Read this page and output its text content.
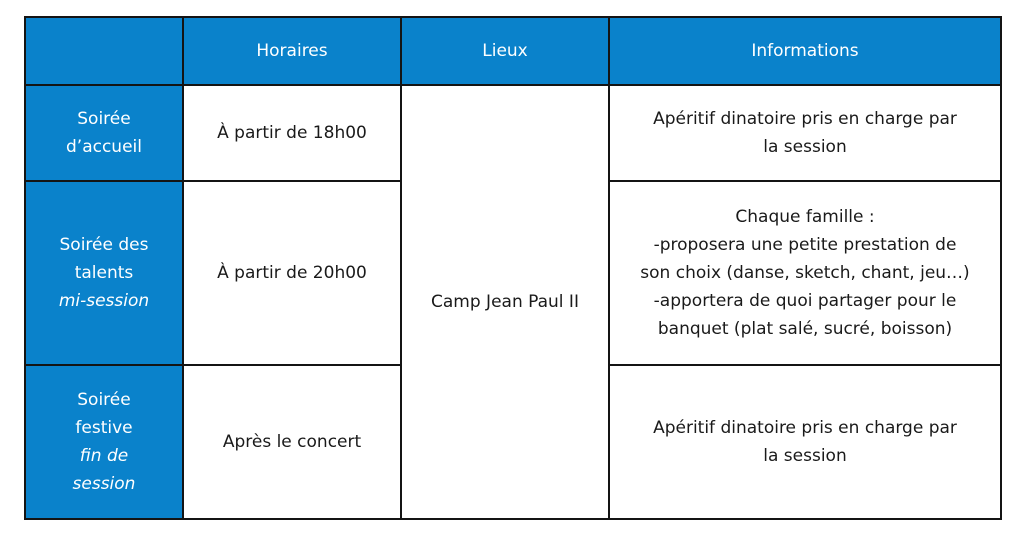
	Horaires	Lieux	Informations

Soirée
d’accueil	À partir de 18h00	Camp Jean Paul II	Apéritif dinatoire pris en charge par
la session

Soirée des
talents
mi-session	À partir de 20h00		Chaque famille :
-proposera une petite prestation de
son choix (danse, sketch, chant, jeu…)
-apportera de quoi partager pour le
banquet (plat salé, sucré, boisson)

Soirée
festive
fin de
session	Après le concert		Apéritif dinatoire pris en charge par
la session
